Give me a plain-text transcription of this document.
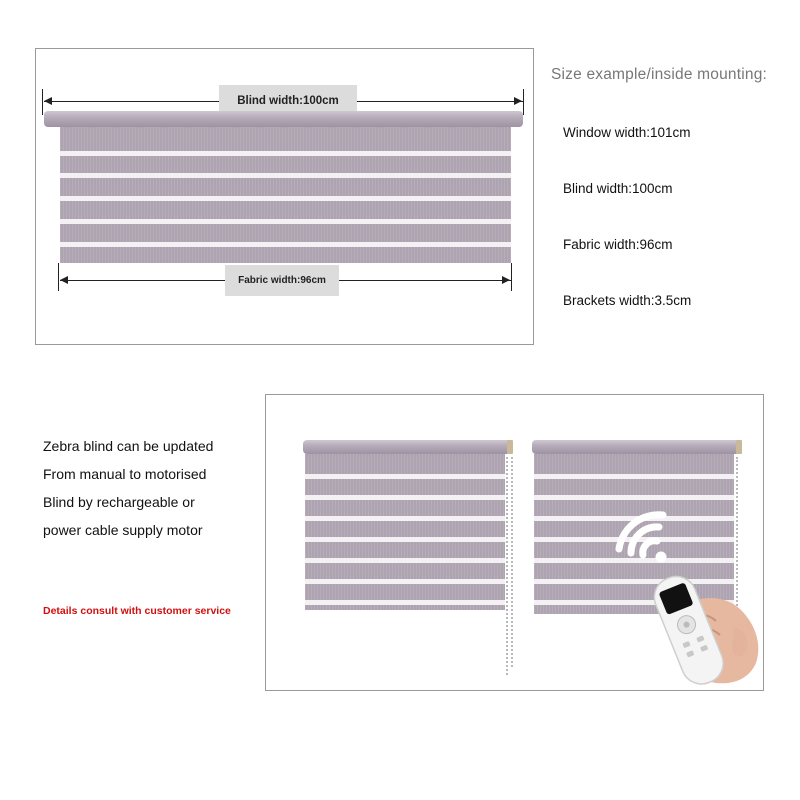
Blind width:100cm
Fabric width:96cm
Size example/inside mounting:
Window width:101cm
Blind width:100cm
Fabric width:96cm
Brackets width:3.5cm
Zebra blind can be updated
From manual to motorised
Blind by rechargeable or
power cable supply motor
Details consult with customer service
